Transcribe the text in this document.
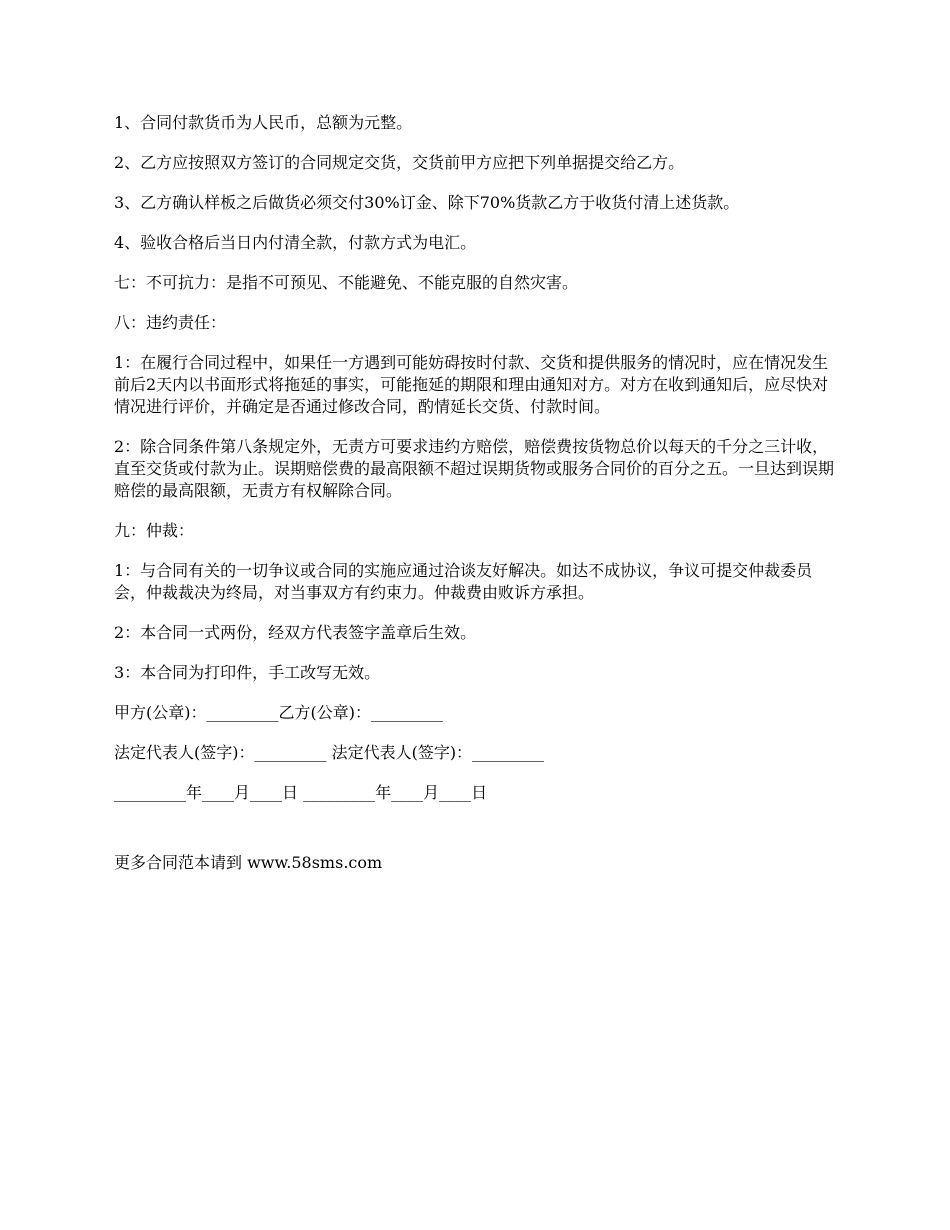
1、合同付款货币为人民币，总额为元整。

2、乙方应按照双方签订的合同规定交货，交货前甲方应把下列单据提交给乙方。

3、乙方确认样板之后做货必须交付30%订金、除下70%货款乙方于收货付清上述货款。

4、验收合格后当日内付清全款，付款方式为电汇。

七：不可抗力：是指不可预见、不能避免、不能克服的自然灾害。

八：违约责任：

1：在履行合同过程中，如果任一方遇到可能妨碍按时付款、交货和提供服务的情况时，应在情况发生前后2天内以书面形式将拖延的事实，可能拖延的期限和理由通知对方。对方在收到通知后，应尽快对情况进行评价，并确定是否通过修改合同，酌情延长交货、付款时间。

2：除合同条件第八条规定外，无责方可要求违约方赔偿，赔偿费按货物总价以每天的千分之三计收，直至交货或付款为止。误期赔偿费的最高限额不超过误期货物或服务合同价的百分之五。一旦达到误期赔偿的最高限额，无责方有权解除合同。

九：仲裁：

1：与合同有关的一切争议或合同的实施应通过洽谈友好解决。如达不成协议，争议可提交仲裁委员会，仲裁裁决为终局，对当事双方有约束力。仲裁费由败诉方承担。

2：本合同一式两份，经双方代表签字盖章后生效。

3：本合同为打印件，手工改写无效。

甲方(公章)：_________乙方(公章)：_________

法定代表人(签字)：_________ 法定代表人(签字)：_________

_________年____月____日 _________年____月____日

更多合同范本请到 www.58sms.com
